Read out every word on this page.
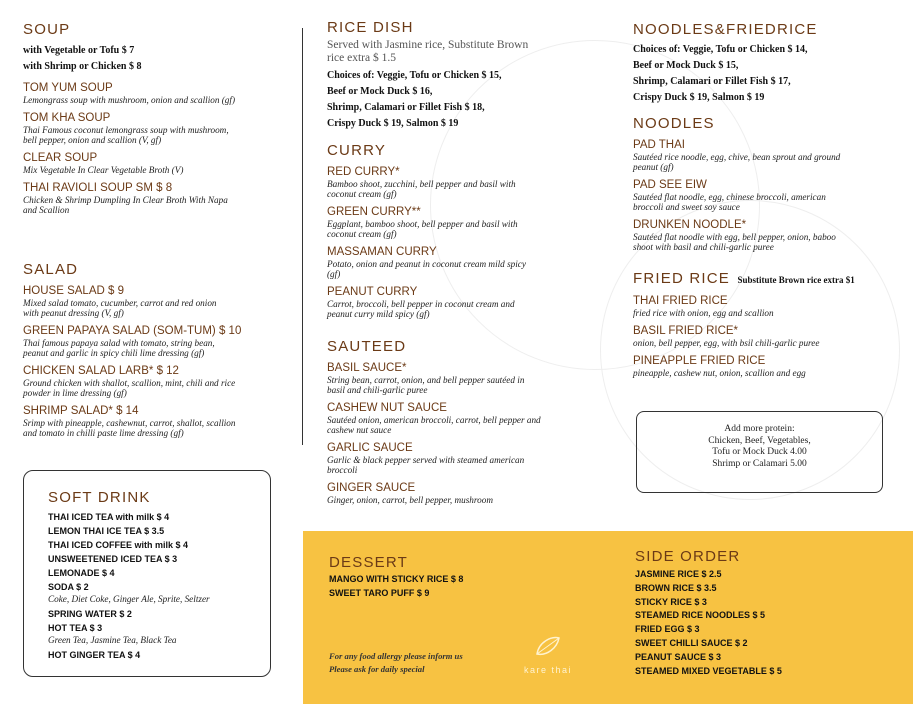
SOUP
with Vegetable or Tofu $ 7
with Shrimp or Chicken $ 8
TOM YUM SOUP
Lemongrass soup with mushroom, onion and scallion (gf)
TOM KHA SOUP
Thai Famous coconut lemongrass soup with mushroom,
bell pepper, onion and scallion (V, gf)
CLEAR SOUP
Mix Vegetable In Clear Vegetable Broth (V)
THAI RAVIOLI SOUP SM $ 8
Chicken & Shrimp Dumpling In Clear Broth With Napa
and Scallion
SALAD
HOUSE SALAD $ 9
Mixed salad tomato, cucumber, carrot and red onion
with peanut dressing (V, gf)
GREEN PAPAYA SALAD (SOM-TUM) $ 10
Thai famous papaya salad with tomato, string bean,
peanut and garlic in spicy chili lime dressing (gf)
CHICKEN SALAD LARB* $ 12
Ground chicken with shallot, scallion, mint, chili and rice
powder in lime dressing (gf)
SHRIMP SALAD* $ 14
Srimp with pineapple, cashewnut, carrot, shallot, scallion
and tomato in chilli paste lime dressing (gf)
SOFT DRINK
THAI ICED TEA with milk $ 4
LEMON THAI ICE TEA $ 3.5
THAI ICED COFFEE with milk $ 4
UNSWEETENED ICED TEA $ 3
LEMONADE $ 4
SODA $ 2
Coke, Diet Coke, Ginger Ale, Sprite, Seltzer
SPRING WATER $ 2
HOT TEA $ 3
Green Tea, Jasmine Tea, Black Tea
HOT GINGER TEA $ 4
RICE DISH
Served with Jasmine rice, Substitute Brown
rice extra $ 1.5
Choices of: Veggie, Tofu or Chicken $ 15,
Beef or Mock Duck $ 16,
Shrimp, Calamari or Fillet Fish $ 18,
Crispy Duck $ 19, Salmon $ 19
CURRY
RED CURRY*
Bamboo shoot, zucchini, bell pepper and basil with
coconut cream (gf)
GREEN CURRY**
Eggplant, bamboo shoot, bell pepper and basil with
coconut cream (gf)
MASSAMAN CURRY
Potato, onion and peanut in coconut cream mild spicy
(gf)
PEANUT CURRY
Carrot, broccoli, bell pepper in coconut cream and
peanut curry mild spicy (gf)
SAUTEED
BASIL SAUCE*
String bean, carrot, onion, and bell pepper sautéed in
basil and chili-garlic puree
CASHEW NUT SAUCE
Sautéed onion, american broccoli, carrot, bell pepper and
cashew nut sauce
GARLIC SAUCE
Garlic & black pepper served with steamed american
broccoli
GINGER SAUCE
Ginger, onion, carrot, bell pepper, mushroom
NOODLES&FRIEDRICE
Choices of: Veggie, Tofu or Chicken $ 14,
Beef or Mock Duck $ 15,
Shrimp, Calamari or Fillet Fish $ 17,
Crispy Duck $ 19, Salmon $ 19
NOODLES
PAD THAI
Sautéed rice noodle, egg, chive, bean sprout and ground
peanut (gf)
PAD SEE EIW
Sautéed flat noodle, egg, chinese broccoli, american
broccoli and sweet soy sauce
DRUNKEN NOODLE*
Sautéed flat noodle with egg, bell pepper, onion, baboo
shoot with basil and chili-garlic puree
FRIED RICE Substitute Brown rice extra $1
THAI FRIED RICE
fried rice with onion, egg and scallion
BASIL FRIED RICE*
onion, bell pepper, egg, with bsil chili-garlic puree
PINEAPPLE FRIED RICE
pineapple, cashew nut, onion, scallion and egg
Add more protein:
Chicken, Beef, Vegetables,
Tofu or Mock Duck 4.00
Shrimp or Calamari 5.00
DESSERT
MANGO WITH STICKY RICE $ 8
SWEET TARO PUFF $ 9
For any food allergy please inform us
Please ask for daily special	kare thai
SIDE ORDER
JASMINE RICE $ 2.5
BROWN RICE $ 3.5
STICKY RICE $ 3
STEAMED RICE NOODLES $ 5
FRIED EGG $ 3
SWEET CHILLI SAUCE $ 2
PEANUT SAUCE $ 3
STEAMED MIXED VEGETABLE $ 5
